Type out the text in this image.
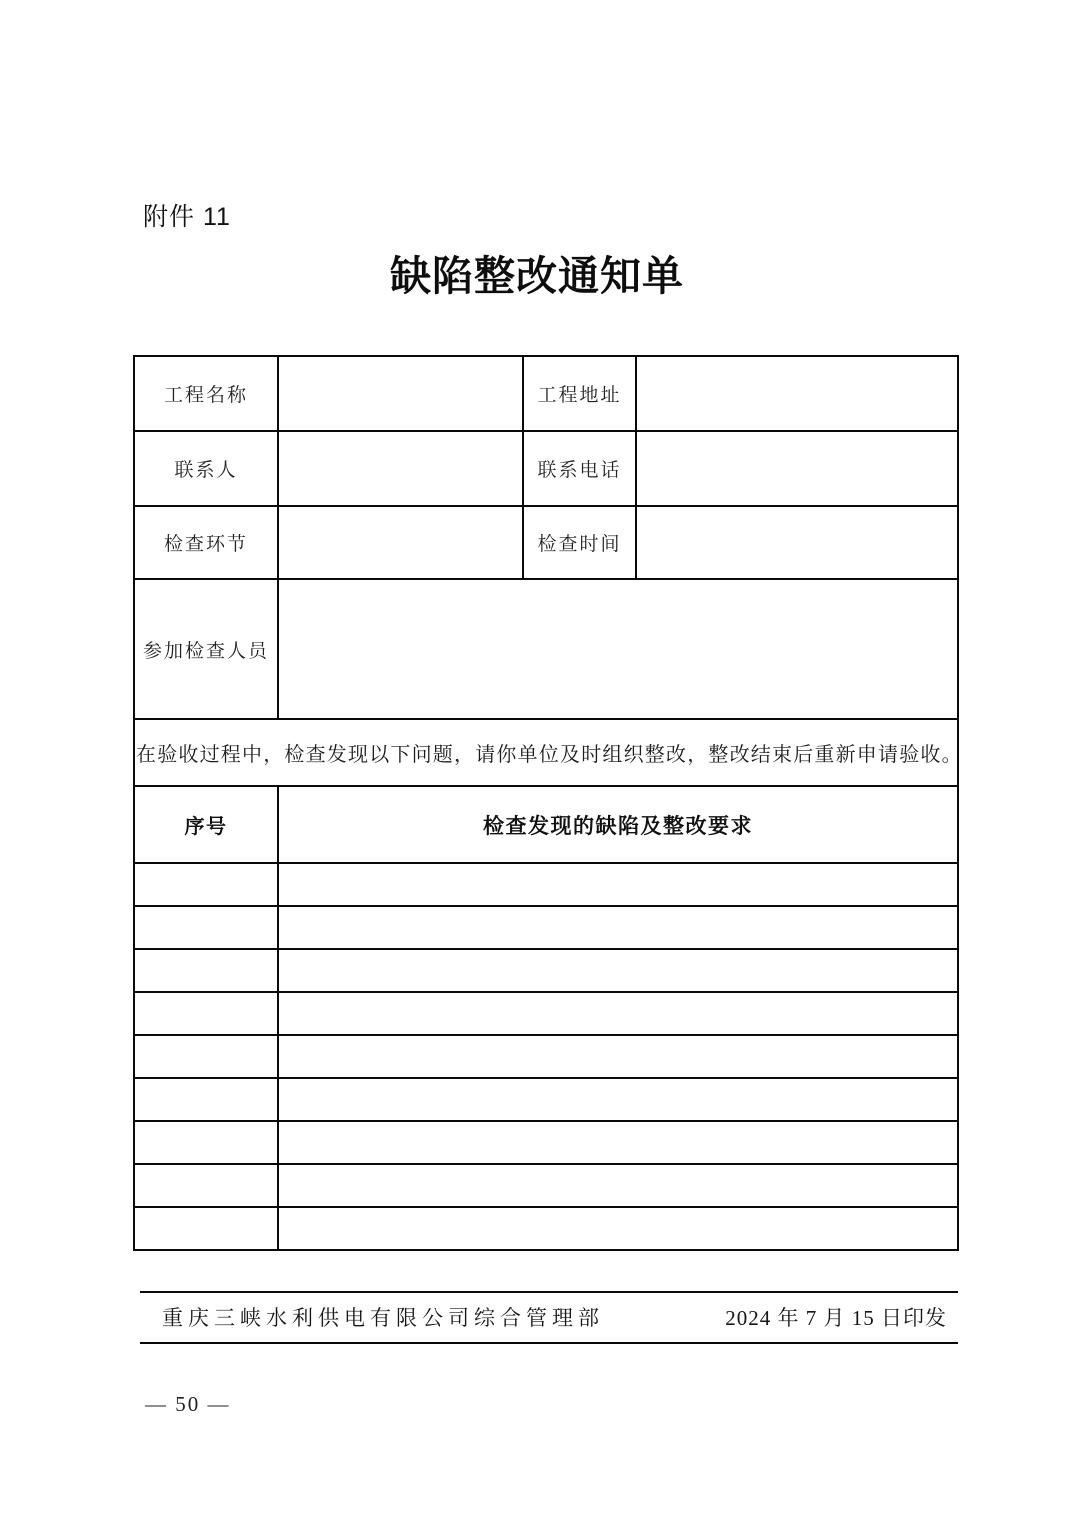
附件 11
缺陷整改通知单
工程名称		工程地址	
联系人		联系电话	
检查环节		检查时间	
参加检查人员			
在验收过程中，检查发现以下问题，请你单位及时组织整改，整改结束后重新申请验收。			
序号	检查发现的缺陷及整改要求		

重庆三峡水利供电有限公司综合管理部	2024 年 7 月 15 日印发
— 50 —
